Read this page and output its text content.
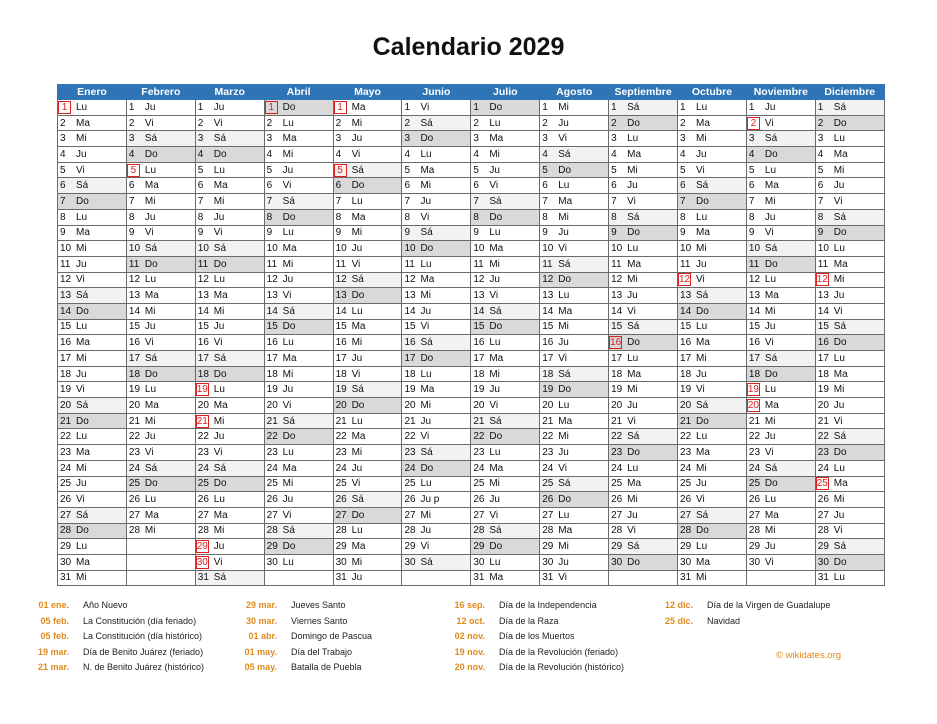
Calendario 2029
Enero	Febrero	Marzo	Abril	Mayo	Junio	Julio	Agosto	Septiembre	Octubre	Noviembre	Diciembre
1 Lu	1 Ju	1 Ju	1 Do	1 Ma	1 Vi	1 Do	1 Mi	1 Sá	1 Lu	1 Ju	1 Sá
2 Ma	2 Vi	2 Vi	2 Lu	2 Mi	2 Sá	2 Lu	2 Ju	2 Do	2 Ma	2 Vi	2 Do
3 Mi	3 Sá	3 Sá	3 Ma	3 Ju	3 Do	3 Ma	3 Vi	3 Lu	3 Mi	3 Sá	3 Lu
4 Ju	4 Do	4 Do	4 Mi	4 Vi	4 Lu	4 Mi	4 Sá	4 Ma	4 Ju	4 Do	4 Ma
5 Vi	5 Lu	5 Lu	5 Ju	5 Sá	5 Ma	5 Ju	5 Do	5 Mi	5 Vi	5 Lu	5 Mi
6 Sá	6 Ma	6 Ma	6 Vi	6 Do	6 Mi	6 Vi	6 Lu	6 Ju	6 Sá	6 Ma	6 Ju
7 Do	7 Mi	7 Mi	7 Sá	7 Lu	7 Ju	7 Sá	7 Ma	7 Vi	7 Do	7 Mi	7 Vi
8 Lu	8 Ju	8 Ju	8 Do	8 Ma	8 Vi	8 Do	8 Mi	8 Sá	8 Lu	8 Ju	8 Sá
9 Ma	9 Vi	9 Vi	9 Lu	9 Mi	9 Sá	9 Lu	9 Ju	9 Do	9 Ma	9 Vi	9 Do
10 Mi	10 Sá	10 Sá	10 Ma	10 Ju	10 Do	10 Ma	10 Vi	10 Lu	10 Mi	10 Sá	10 Lu
11 Ju	11 Do	11 Do	11 Mi	11 Vi	11 Lu	11 Mi	11 Sá	11 Ma	11 Ju	11 Do	11 Ma
12 Vi	12 Lu	12 Lu	12 Ju	12 Sá	12 Ma	12 Ju	12 Do	12 Mi	12 Vi	12 Lu	12 Mi
13 Sá	13 Ma	13 Ma	13 Vi	13 Do	13 Mi	13 Vi	13 Lu	13 Ju	13 Sá	13 Ma	13 Ju
14 Do	14 Mi	14 Mi	14 Sá	14 Lu	14 Ju	14 Sá	14 Ma	14 Vi	14 Do	14 Mi	14 Vi
15 Lu	15 Ju	15 Ju	15 Do	15 Ma	15 Vi	15 Do	15 Mi	15 Sá	15 Lu	15 Ju	15 Sá
16 Ma	16 Vi	16 Vi	16 Lu	16 Mi	16 Sá	16 Lu	16 Ju	16 Do	16 Ma	16 Vi	16 Do
17 Mi	17 Sá	17 Sá	17 Ma	17 Ju	17 Do	17 Ma	17 Vi	17 Lu	17 Mi	17 Sá	17 Lu
18 Ju	18 Do	18 Do	18 Mi	18 Vi	18 Lu	18 Mi	18 Sá	18 Ma	18 Ju	18 Do	18 Ma
19 Vi	19 Lu	19 Lu	19 Ju	19 Sá	19 Ma	19 Ju	19 Do	19 Mi	19 Vi	19 Lu	19 Mi
20 Sá	20 Ma	20 Ma	20 Vi	20 Do	20 Mi	20 Vi	20 Lu	20 Ju	20 Sá	20 Ma	20 Ju
21 Do	21 Mi	21 Mi	21 Sá	21 Lu	21 Ju	21 Sá	21 Ma	21 Vi	21 Do	21 Mi	21 Vi
22 Lu	22 Ju	22 Ju	22 Do	22 Ma	22 Vi	22 Do	22 Mi	22 Sá	22 Lu	22 Ju	22 Sá
23 Ma	23 Vi	23 Vi	23 Lu	23 Mi	23 Sá	23 Lu	23 Ju	23 Do	23 Ma	23 Vi	23 Do
24 Mi	24 Sá	24 Sá	24 Ma	24 Ju	24 Do	24 Ma	24 Vi	24 Lu	24 Mi	24 Sá	24 Lu
25 Ju	25 Do	25 Do	25 Mi	25 Vi	25 Lu	25 Mi	25 Sá	25 Ma	25 Ju	25 Do	25 Ma
26 Vi	26 Lu	26 Lu	26 Ju	26 Sá	26 Ju p	26 Ju	26 Do	26 Mi	26 Vi	26 Lu	26 Mi
27 Sá	27 Ma	27 Ma	27 Vi	27 Do	27 Mi	27 Vi	27 Lu	27 Ju	27 Sá	27 Ma	27 Ju
28 Do	28 Mi	28 Mi	28 Sá	28 Lu	28 Ju	28 Sá	28 Ma	28 Vi	28 Do	28 Mi	28 Vi
29 Lu		29 Ju	29 Do	29 Ma	29 Vi	29 Do	29 Mi	29 Sá	29 Lu	29 Ju	29 Sá
30 Ma		30 Vi	30 Lu	30 Mi	30 Sá	30 Lu	30 Ju	30 Do	30 Ma	30 Vi	30 Do
31 Mi		31 Sá		31 Ju		31 Ma	31 Vi		31 Mi		31 Lu
01 ene. Año Nuevo
05 feb. La Constitución (día feriado)
05 feb. La Constitución (día histórico)
19 mar. Día de Benito Juárez (feriado)
21 mar. N. de Benito Juárez (histórico)
29 mar. Jueves Santo
30 mar. Viernes Santo
01 abr. Domingo de Pascua
01 may. Día del Trabajo
05 may. Batalla de Puebla
16 sep. Día de la Independencia
12 oct. Día de la Raza
02 nov. Día de los Muertos
19 nov. Día de la Revolución (feriado)
20 nov. Día de la Revolución (histórico)
12 dic. Día de la Virgen de Guadalupe
25 dic. Navidad
© wikidates.org
